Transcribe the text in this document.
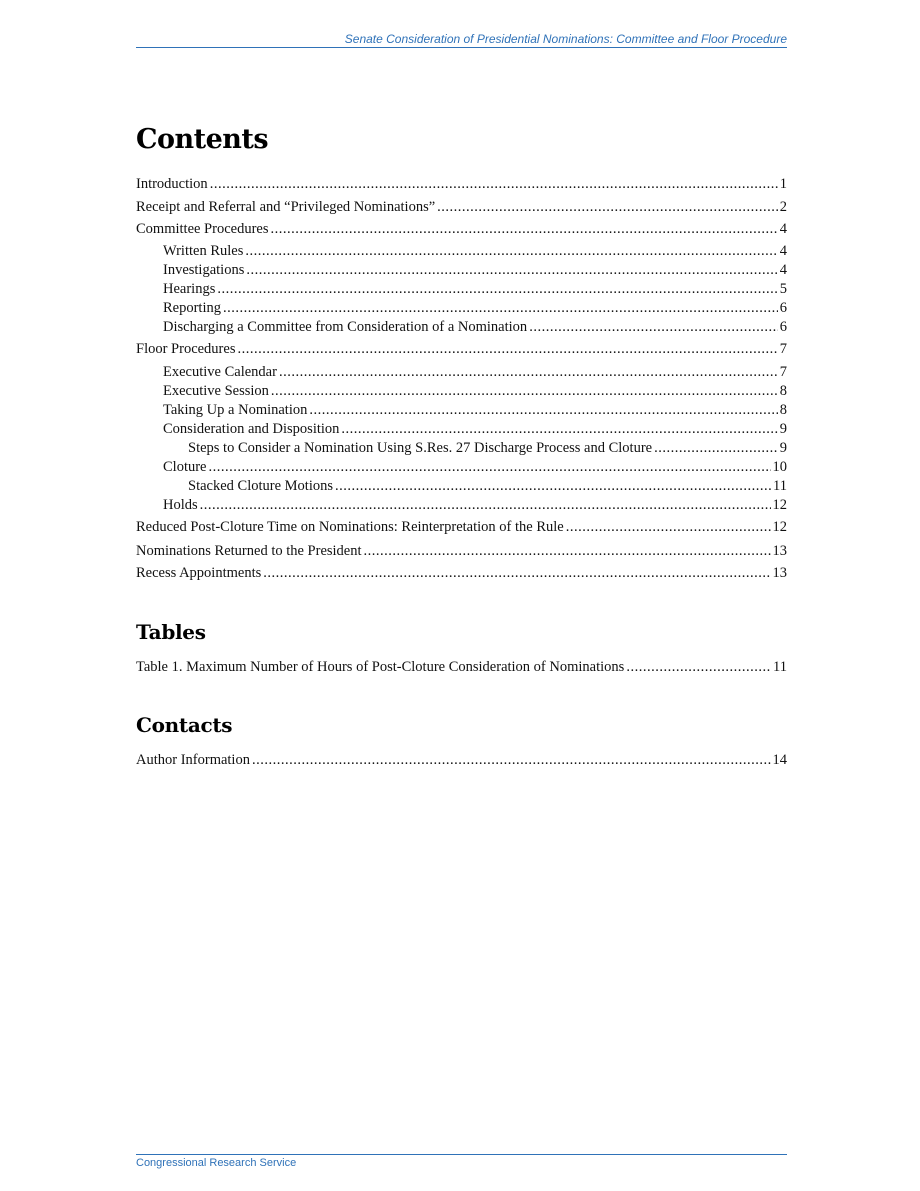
Senate Consideration of Presidential Nominations: Committee and Floor Procedure
Contents
Introduction .....	1
Receipt and Referral and “Privileged Nominations” .....	2
Committee Procedures .....	4
Written Rules .....	4
Investigations .....	4
Hearings .....	5
Reporting .....	6
Discharging a Committee from Consideration of a Nomination .....	6
Floor Procedures .....	7
Executive Calendar .....	7
Executive Session .....	8
Taking Up a Nomination .....	8
Consideration and Disposition .....	9
Steps to Consider a Nomination Using S.Res. 27 Discharge Process and Cloture .....	9
Cloture .....	10
Stacked Cloture Motions .....	11
Holds .....	12
Reduced Post-Cloture Time on Nominations: Reinterpretation of the Rule .....	12
Nominations Returned to the President .....	13
Recess Appointments .....	13
Tables
Table 1. Maximum Number of Hours of Post-Cloture Consideration of Nominations .....	11
Contacts
Author Information .....	14
Congressional Research Service
